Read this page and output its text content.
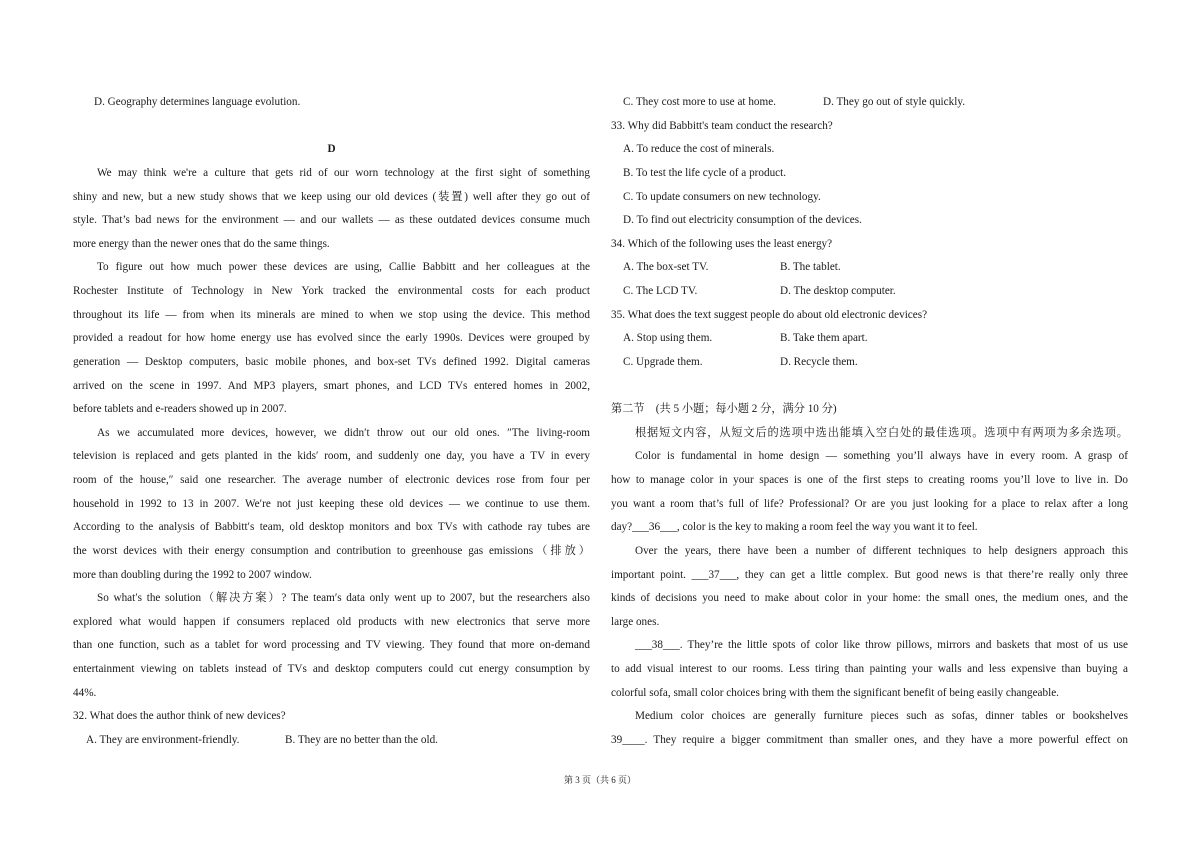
D. Geography determines language evolution.
D
We may think we're a culture that gets rid of our worn technology at the first sight of something
shiny and new, but a new study shows that we keep using our old devices (装置) well after they go out of
style. That’s bad news for the environment — and our wallets — as these outdated devices consume much
more energy than the newer ones that do the same things.
To figure out how much power these devices are using, Callie Babbitt and her colleagues at the
Rochester Institute of Technology in New York tracked the environmental costs for each product
throughout its life — from when its minerals are mined to when we stop using the device. This method
provided a readout for how home energy use has evolved since the early 1990s. Devices were grouped by
generation — Desktop computers, basic mobile phones, and box-set TVs defined 1992. Digital cameras
arrived on the scene in 1997. And MP3 players, smart phones, and LCD TVs entered homes in 2002,
before tablets and e-readers showed up in 2007.
As we accumulated more devices, however, we didn′t throw out our old ones. ″The living-room
television is replaced and gets planted in the kids′ room, and suddenly one day, you have a TV in every
room of the house,″ said one researcher. The average number of electronic devices rose from four per
household in 1992 to 13 in 2007. We′re not just keeping these old devices — we continue to use them.
According to the analysis of Babbitt′s team, old desktop monitors and box TVs with cathode ray tubes are
the worst devices with their energy consumption and contribution to greenhouse gas emissions（排放）
more than doubling during the 1992 to 2007 window.
So what′s the solution（解决方案）? The team′s data only went up to 2007, but the researchers also
explored what would happen if consumers replaced old products with new electronics that serve more
than one function, such as a tablet for word processing and TV viewing. They found that more on-demand
entertainment viewing on tablets instead of TVs and desktop computers could cut energy consumption by
44%.
32. What does the author think of new devices?
A. They are environment-friendly.	B. They are no better than the old.
C. They cost more to use at home.	D. They go out of style quickly.
33. Why did Babbitt's team conduct the research?
A. To reduce the cost of minerals.
B. To test the life cycle of a product.
C. To update consumers on new technology.
D. To find out electricity consumption of the devices.
34. Which of the following uses the least energy?
A. The box-set TV.	B. The tablet.
C. The LCD TV.	D. The desktop computer.
35. What does the text suggest people do about old electronic devices?
A. Stop using them.	B. Take them apart.
C. Upgrade them.	D. Recycle them.
第二节　(共 5 小题；每小题 2 分，满分 10 分)
根据短文内容，从短文后的选项中选出能填入空白处的最佳选项。选项中有两项为多余选项。
Color is fundamental in home design — something you’ll always have in every room. A grasp of
how to manage color in your spaces is one of the first steps to creating rooms you’ll love to live in. Do
you want a room that’s full of life? Professional? Or are you just looking for a place to relax after a long
day?___36___, color is the key to making a room feel the way you want it to feel.
Over the years, there have been a number of different techniques to help designers approach this
important point. ___37___, they can get a little complex. But good news is that there’re really only three
kinds of decisions you need to make about color in your home: the small ones, the medium ones, and the
large ones.
___38___. They’re the little spots of color like throw pillows, mirrors and baskets that most of us use
to add visual interest to our rooms. Less tiring than painting your walls and less expensive than buying a
colorful sofa, small color choices bring with them the significant benefit of being easily changeable.
Medium color choices are generally furniture pieces such as sofas, dinner tables or bookshelves
39____. They require a bigger commitment than smaller ones, and they have a more powerful effect on
第 3 页（共 6 页）
